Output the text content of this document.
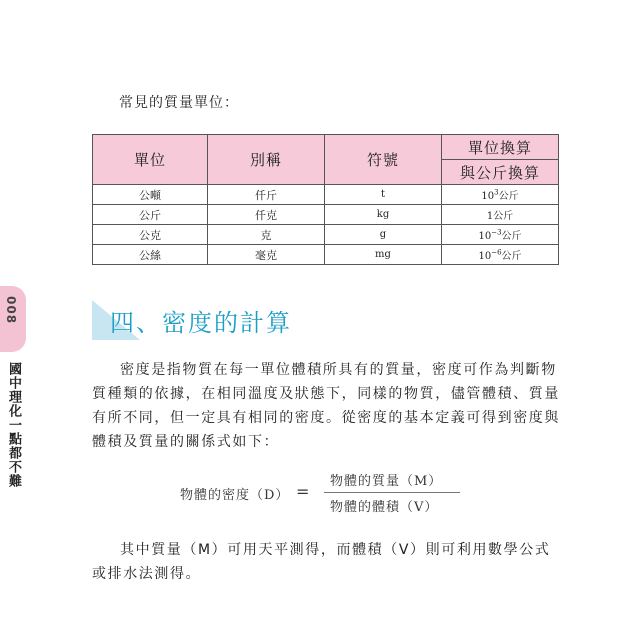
常見的質量單位：
單位	別稱	符號	單位換算
			與公斤換算
公噸	仟斤	t	$10^3$公斤
公斤	仟克	kg	1公斤
公克	克	g	$10^{-3}$公斤
公絲	毫克	mg	$10^{-6}$公斤
008
國中理化一點都不難
四、密度的計算

密度是指物質在每一單位體積所具有的質量，密度可作為判斷物質種類的依據，在相同溫度及狀態下，同樣的物質，儘管體積、質量有所不同，但一定具有相同的密度。從密度的基本定義可得到密度與體積及質量的關係式如下：

物體的密度（D） =
物體的質量（M）
物體的體積（V）

其中質量（M）可用天平測得，而體積（V）則可利用數學公式或排水法測得。
